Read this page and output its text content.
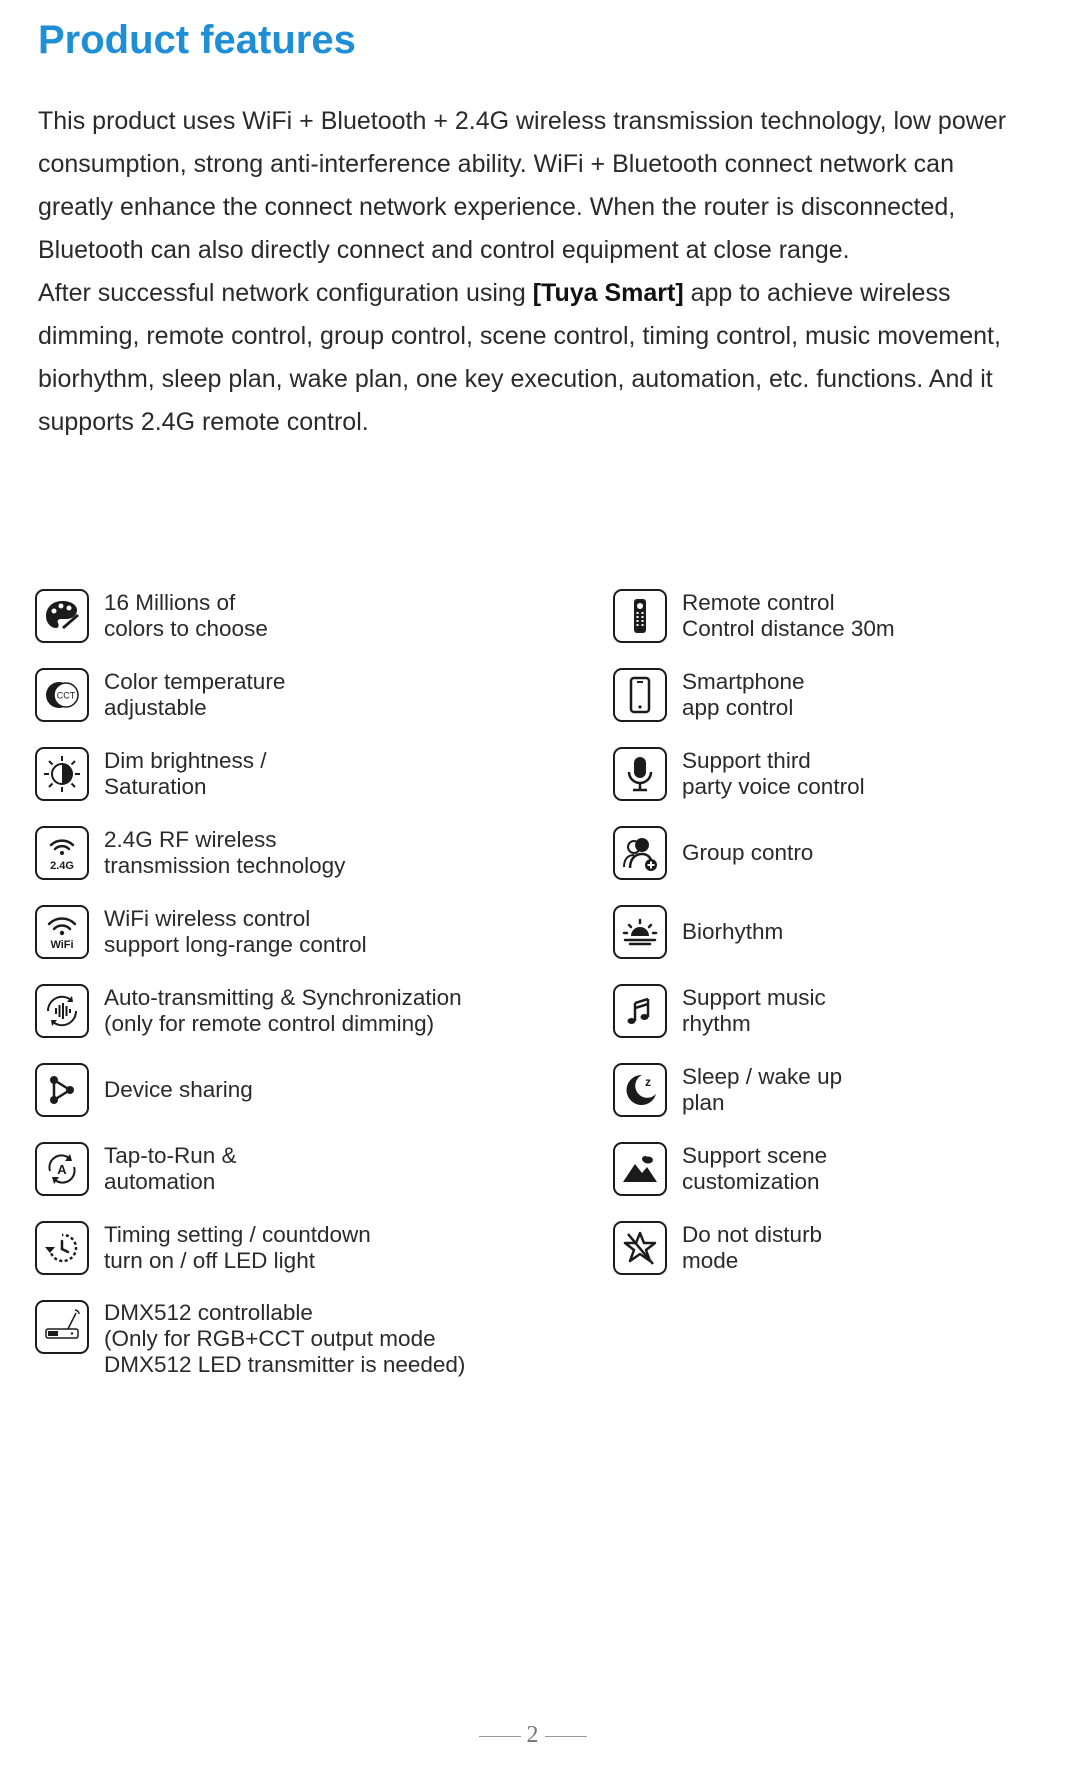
Product features

This product uses WiFi + Bluetooth + 2.4G wireless transmission technology, low power consumption, strong anti-interference ability. WiFi + Bluetooth connect network can greatly enhance the connect network experience. When the router is disconnected, Bluetooth can also directly connect and control equipment at close range.

After successful network configuration using [Tuya Smart] app to achieve wireless dimming, remote control, group control, scene control, timing control, music movement, biorhythm, sleep plan, wake plan, one key execution, automation, etc. functions. And it supports 2.4G remote control.

16 Millions of
colors to choose
CCT
Color temperature
adjustable
Dim brightness /
Saturation
2.4G
2.4G RF wireless
transmission technology
WiFi
WiFi wireless control
support long-range control
Auto-transmitting & Synchronization
(only for remote control dimming)
Device sharing
A
Tap-to-Run &
automation
Timing setting / countdown
turn on / off LED light
DMX512 controllable
(Only for RGB+CCT output mode
DMX512 LED transmitter is needed)
Remote control
Control distance 30m
Smartphone
app control
Support third
party voice control
Group contro
Biorhythm
Support music
rhythm
z Sleep / wake up
plan
Support scene
customization
Do not disturb
mode
2
